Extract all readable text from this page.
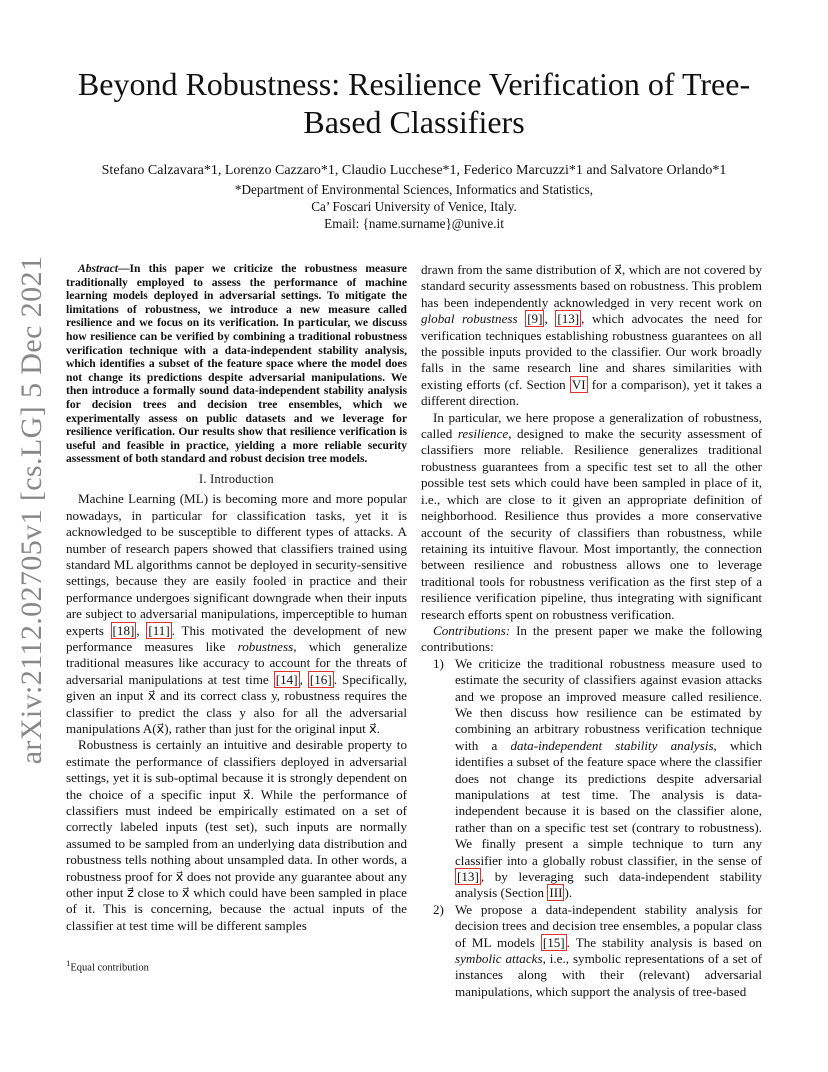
arXiv:2112.02705v1 [cs.LG] 5 Dec 2021
Beyond Robustness: Resilience Verification of Tree-Based Classifiers
Stefano Calzavara*1, Lorenzo Cazzaro*1, Claudio Lucchese*1, Federico Marcuzzi*1 and Salvatore Orlando*1
*Department of Environmental Sciences, Informatics and Statistics,
Ca’ Foscari University of Venice, Italy.
Email: {name.surname}@unive.it
Abstract—In this paper we criticize the robustness measure traditionally employed to assess the performance of machine learning models deployed in adversarial settings. To mitigate the limitations of robustness, we introduce a new measure called resilience and we focus on its verification. In particular, we discuss how resilience can be verified by combining a traditional robustness verification technique with a data-independent stability analysis, which identifies a subset of the feature space where the model does not change its predictions despite adversarial manipulations. We then introduce a formally sound data-independent stability analysis for decision trees and decision tree ensembles, which we experimentally assess on public datasets and we leverage for resilience verification. Our results show that resilience verification is useful and feasible in practice, yielding a more reliable security assessment of both standard and robust decision tree models.
I. Introduction

Machine Learning (ML) is becoming more and more popular nowadays, in particular for classification tasks, yet it is acknowledged to be susceptible to different types of attacks. A number of research papers showed that classifiers trained using standard ML algorithms cannot be deployed in security-sensitive settings, because they are easily fooled in practice and their performance undergoes significant downgrade when their inputs are subject to adversarial manipulations, imperceptible to human experts [18] , [11] . This motivated the development of new performance measures like robustness, which generalize traditional measures like accuracy to account for the threats of adversarial manipulations at test time [14] , [16] . Specifically, given an input x⃗ and its correct class y, robustness requires the classifier to predict the class y also for all the adversarial manipulations A(x⃗), rather than just for the original input x⃗.

Robustness is certainly an intuitive and desirable property to estimate the performance of classifiers deployed in adversarial settings, yet it is sub-optimal because it is strongly dependent on the choice of a specific input x⃗. While the performance of classifiers must indeed be empirically estimated on a set of correctly labeled inputs (test set), such inputs are normally assumed to be sampled from an underlying data distribution and robustness tells nothing about unsampled data. In other words, a robustness proof for x⃗ does not provide any guarantee about any other input z⃗ close to x⃗ which could have been sampled in place of it. This is concerning, because the actual inputs of the classifier at test time will be different samples

drawn from the same distribution of x⃗, which are not covered by standard security assessments based on robustness. This problem has been independently acknowledged in very recent work on global robustness [9] , [13] , which advocates the need for verification techniques establishing robustness guarantees on all the possible inputs provided to the classifier. Our work broadly falls in the same research line and shares similarities with existing efforts (cf. Section VI for a comparison), yet it takes a different direction.

In particular, we here propose a generalization of robustness, called resilience, designed to make the security assessment of classifiers more reliable. Resilience generalizes traditional robustness guarantees from a specific test set to all the other possible test sets which could have been sampled in place of it, i.e., which are close to it given an appropriate definition of neighborhood. Resilience thus provides a more conservative account of the security of classifiers than robustness, while retaining its intuitive flavour. Most importantly, the connection between resilience and robustness allows one to leverage traditional tools for robustness verification as the first step of a resilience verification pipeline, thus integrating with significant research efforts spent on robustness verification.

Contributions: In the present paper we make the following contributions:

1) We criticize the traditional robustness measure used to estimate the security of classifiers against evasion attacks and we propose an improved measure called resilience. We then discuss how resilience can be estimated by combining an arbitrary robustness verification technique with a data-independent stability analysis, which identifies a subset of the feature space where the classifier does not change its predictions despite adversarial manipulations at test time. The analysis is data-independent because it is based on the classifier alone, rather than on a specific test set (contrary to robustness). We finally present a simple technique to turn any classifier into a globally robust classifier, in the sense of [13] , by leveraging such data-independent stability analysis (Section III ).
2) We propose a data-independent stability analysis for decision trees and decision tree ensembles, a popular class of ML models [15] . The stability analysis is based on symbolic attacks, i.e., symbolic representations of a set of instances along with their (relevant) adversarial manipulations, which support the analysis of tree-based
$^1$Equal contribution
